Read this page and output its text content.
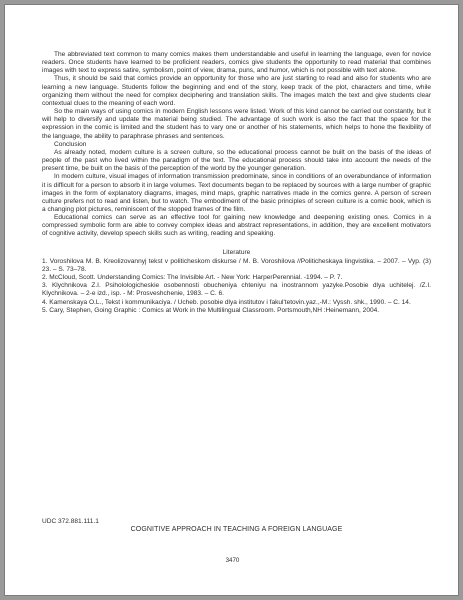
The abbreviated text common to many comics makes them understandable and useful in learning the language, even for novice readers. Once students have learned to be proficient readers, comics give students the opportunity to read material that combines images with text to express satire, symbolism, point of view, drama, puns, and humor, which is not possible with text alone.

Thus, it should be said that comics provide an opportunity for those who are just starting to read and also for students who are learning a new language. Students follow the beginning and end of the story, keep track of the plot, characters and time, while organizing them without the need for complex deciphering and translation skills. The images match the text and give students clear contextual clues to the meaning of each word.

So the main ways of using comics in modern English lessons were listed. Work of this kind cannot be carried out constantly, but it will help to diversify and update the material being studied. The advantage of such work is also the fact that the space for the expression in the comic is limited and the student has to vary one or another of his statements, which helps to hone the flexibility of the language, the ability to paraphrase phrases and sentences.

Conclusion

As already noted, modern culture is a screen culture, so the educational process cannot be built on the basis of the ideas of people of the past who lived within the paradigm of the text. The educational process should take into account the needs of the present time, be built on the basis of the perception of the world by the younger generation.

In modern culture, visual images of information transmission predominate, since in conditions of an overabundance of information it is difficult for a person to absorb it in large volumes. Text documents began to be replaced by sources with a large number of graphic images in the form of explanatory diagrams, images, mind maps, graphic narratives made in the comics genre. A person of screen culture prefers not to read and listen, but to watch. The embodiment of the basic principles of screen culture is a comic book, which is a changing plot pictures, reminiscent of the stopped frames of the film.

Educational comics can serve as an effective tool for gaining new knowledge and deepening existing ones. Comics in a compressed symbolic form are able to convey complex ideas and abstract representations, in addition, they are excellent motivators of cognitive activity, develop speech skills such as writing, reading and speaking.

Literature

1. Voroshilova M. B. Kreolizovannyj tekst v politicheskom diskurse / M. B. Voroshilova //Politicheskaya lingvistika. – 2007. – Vyp. (3) 23. – S. 73–78.

2. McCloud, Scott. Understanding Comics: The Invisible Art. - New York: HarperPerennial. -1994. – P. 7.

3. Klychnikova Z.I. Psiholologicheskie osobennosti obucheniya chteniyu na inostrannom yazyke.Posobie dlya uchitelej. /Z.I. Klychnikova. – 2-e izd., isp. - M: Prosveshchenie, 1983. – C. 6.

4. Kamenskaya O.L., Tekst i kommunikaciya. / Ucheb. posobie dlya institutov i fakul'tetovin.yaz.,-M.: Vyssh. shk., 1990. – C. 14.

5. Cary, Stephen, Going Graphic : Comics at Work in the Multilingual Classroom. Portsmouth,NH :Heinemann, 2004.

UDC 372.881.111.1
COGNITIVE APPROACH IN TEACHING A FOREIGN LANGUAGE
3470
